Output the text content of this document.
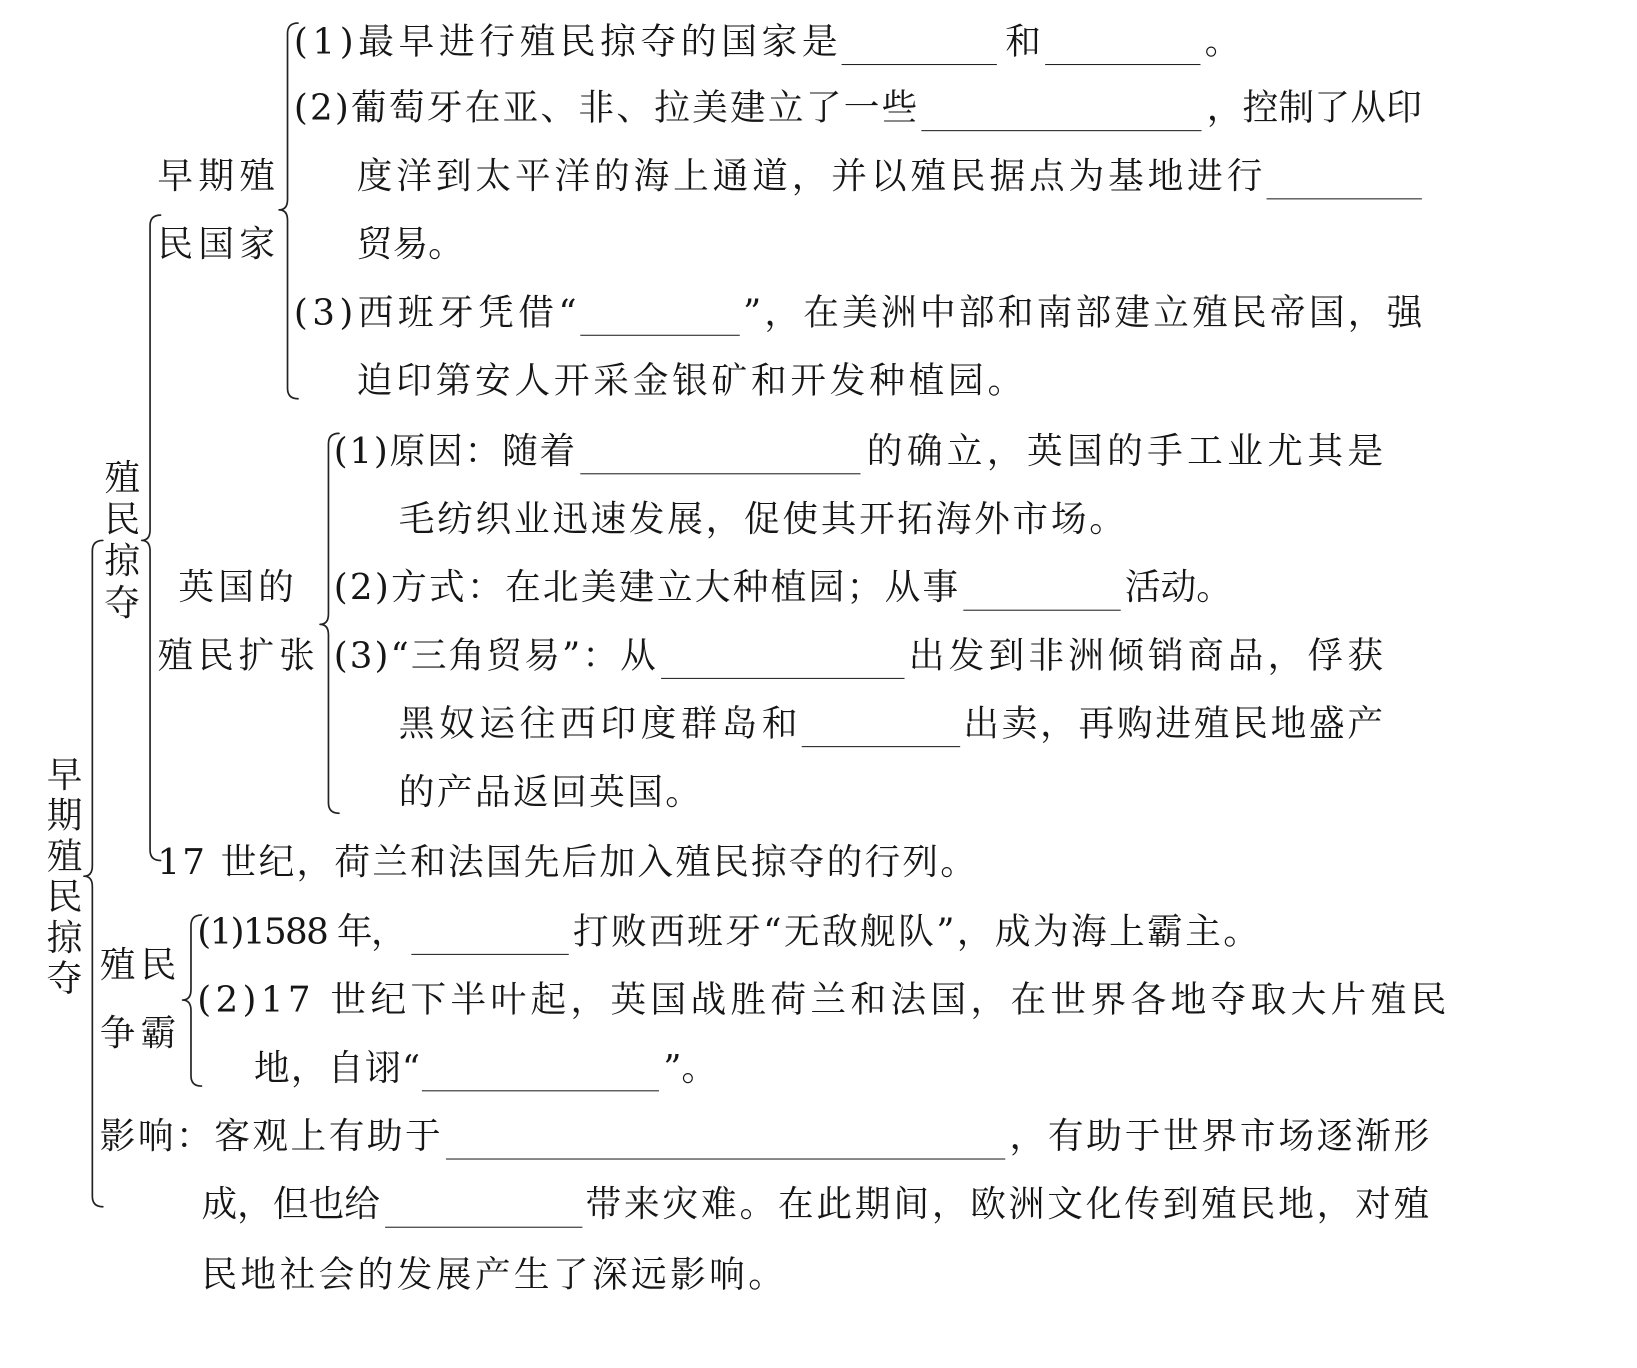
早期殖民掠夺
殖民掠夺
早期殖
民国家
(1)最早进行殖民掠夺的国家是	和	。
(2)葡萄牙在亚、非、拉美建立了一些	，控制了从印
度洋到太平洋的海上通道，并以殖民据点为基地进行
贸易。
(3)西班牙凭借“	”，在美洲中部和南部建立殖民帝国，强
迫印第安人开采金银矿和开发种植园。
英国的
殖民扩张
(1)原因：随着	的确立，英国的手工业尤其是
毛纺织业迅速发展，促使其开拓海外市场。
(2)方式：在北美建立大种植园；从事	活动。
(3)“三角贸易”：从	出发到非洲倾销商品，俘获
黑奴运往西印度群岛和	出卖，再购进殖民地盛产
的产品返回英国。
17 世纪，荷兰和法国先后加入殖民掠夺的行列。
殖民
争霸
(1)1588 年，	打败西班牙“无敌舰队”，成为海上霸主。
(2)17 世纪下半叶起，英国战胜荷兰和法国，在世界各地夺取大片殖民
地，自诩“	”。
影响：客观上有助于	，有助于世界市场逐渐形
成，但也给	带来灾难。在此期间，欧洲文化传到殖民地，对殖
民地社会的发展产生了深远影响。
